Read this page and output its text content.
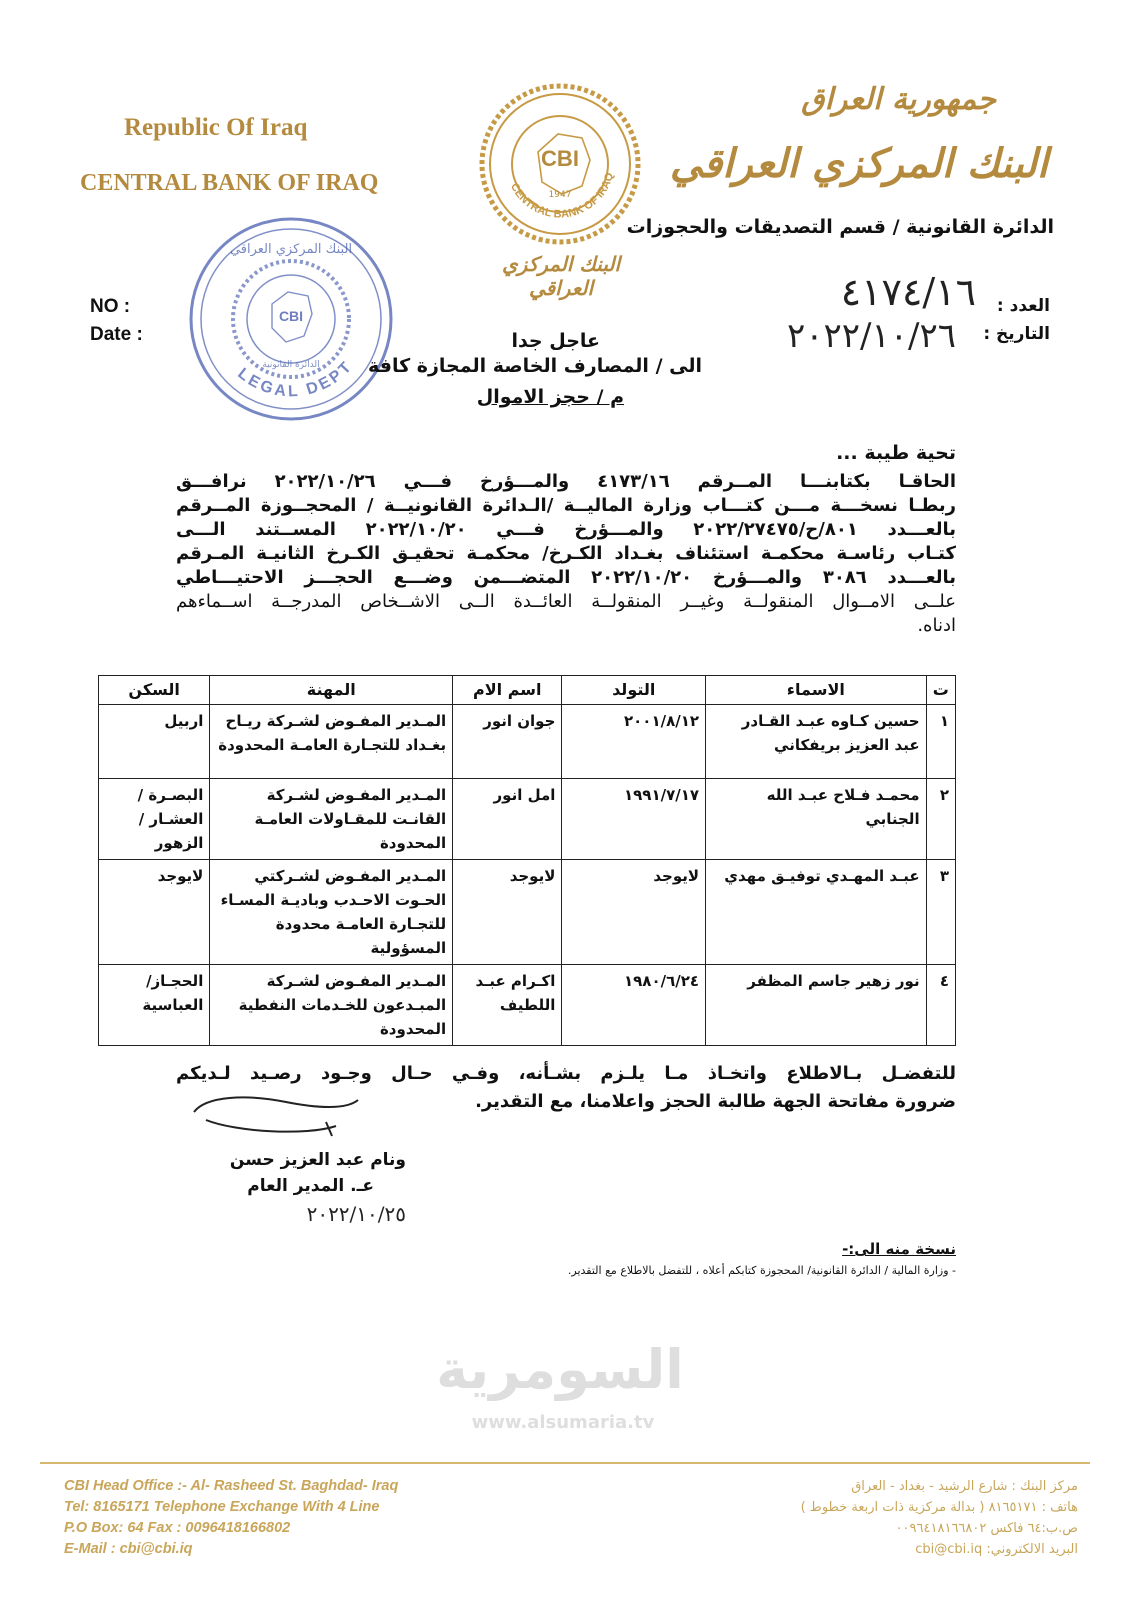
Republic Of Iraq
CENTRAL BANK OF IRAQ
جمهورية العراق
البنك المركزي العراقي
الدائرة القانونية / قسم التصديقات والحجوزات
CENTRAL BANK OF IRAQ
CBI
1947
البنك المركزي العراقي
LEGAL DEPT
CBI
البنك المركزي العراقي
الدائرة القانونية
NO :
Date :
العدد :
التاريخ :
٤١٧٤/١٦
٢٠٢٢/١٠/٢٦
عاجل جدا
الى / المصارف الخاصة المجازة كافة
م / حجز الاموال
تحية طيبة ...
الحاقـا بكتابنـــا المــرقم ٤١٧٣/١٦ والمـــؤرخ فـــي ٢٠٢٢/١٠/٢٦ نرافـــق
ربطـا نسخـــة مـــن كتـــاب وزارة الماليــة /الـدائرة القانونيــة / المحجــوزة المــرقم
بالعـــدد ٨٠١/ح/٢٠٢٢/٢٧٤٧٥ والمـــؤرخ فـــي ٢٠٢٢/١٠/٢٠ المســتند الـــى
كتـاب رئاسـة محكمـة استئناف بغـداد الكـرخ/ محكمـة تحقيـق الكـرخ الثانيـة المـرقم
بالعـــدد ٣٠٨٦ والمـــؤرخ ٢٠٢٢/١٠/٢٠ المتضـــمن وضـــع الحجـــز الاحتيـــاطي
علــى الامــوال المنقولــة وغيــر المنقولــة العائــدة الــى الاشــخاص المدرجــة اســماءهم
ادناه.
ت	الاسماء	التولد	اسم الام	المهنة	السكن
١	حسين كـاوه عبـد القـادر عبد العزيز بريفكاني	٢٠٠١/٨/١٢	جوان انور	المـدير المفـوض لشـركة ريـاح بغـداد للتجـارة العامـة المحدودة	اربيل
٢	محمـد فـلاح عبـد الله الجنابي	١٩٩١/٧/١٧	امل انور	المـدير المفـوض لشـركة القانـت للمقـاولات العامـة المحدودة	البصـرة / العشـار / الزهور
٣	عبـد المهـدي توفيـق مهدي	لايوجد	لايوجد	المـدير المفـوض لشـركتي الحـوت الاحـدب وباديـة المسـاء للتجـارة العامـة محدودة المسؤولية	لايوجد
٤	نور زهير جاسم المظفر	١٩٨٠/٦/٢٤	اكـرام عبـد اللطيف	المـدير المفـوض لشـركة المبـدعون للخـدمات النفطية المحدودة	الحجـاز/ العباسية
للتفضـل بـالاطلاع واتخـاذ مـا يلـزم بشـأنه، وفـي حـال وجـود رصـيد لـديكم
ضرورة مفاتحة الجهة طالبة الحجز واعلامنا، مع التقدير.
ونام عبد العزيز حسن
عـ. المدير العام
٢٠٢٢/١٠/٢٥
نسخة منه الى:-
- وزارة المالية / الدائرة القانونية/ المحجوزة كتابكم أعلاه ، للتفضل بالاطلاع مع التقدير.
السومرية
www.alsumaria.tv
CBI Head Office :- Al- Rasheed St. Baghdad- Iraq
Tel: 8165171 Telephone Exchange With 4 Line
P.O Box: 64 Fax : 0096418166802
E-Mail : cbi@cbi.iq
مركز البنك : شارع الرشيد - بغداد - العراق
هاتف : ٨١٦٥١٧١ ( بدالة مركزية ذات اربعة خطوط )
ص.ب:٦٤ فاكس ٠٠٩٦٤١٨١٦٦٨٠٢
البريد الالكتروني: cbi@cbi.iq
